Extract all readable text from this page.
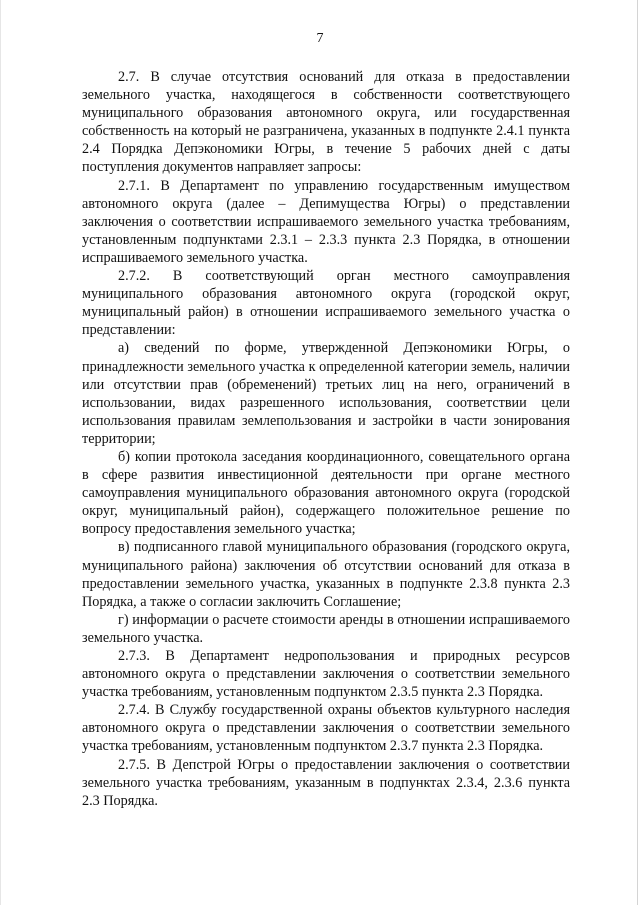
7

2.7. В случае отсутствия оснований для отказа в предоставлении земельного участка, находящегося в собственности соответствующего муниципального образования автономного округа, или государственная собственность на который не разграничена, указанных в подпункте 2.4.1 пункта 2.4 Порядка Депэкономики Югры, в течение 5 рабочих дней с даты поступления документов направляет запросы:

2.7.1. В Департамент по управлению государственным имуществом автономного округа (далее – Депимущества Югры) о представлении заключения о соответствии испрашиваемого земельного участка требованиям, установленным подпунктами 2.3.1 – 2.3.3 пункта 2.3 Порядка, в отношении испрашиваемого земельного участка.

2.7.2. В соответствующий орган местного самоуправления муниципального образования автономного округа (городской округ, муниципальный район) в отношении испрашиваемого земельного участка о представлении:

а) сведений по форме, утвержденной Депэкономики Югры, о принадлежности земельного участка к определенной категории земель, наличии или отсутствии прав (обременений) третьих лиц на него, ограничений в использовании, видах разрешенного использования, соответствии цели использования правилам землепользования и застройки в части зонирования территории;

б) копии протокола заседания координационного, совещательного органа в сфере развития инвестиционной деятельности при органе местного самоуправления муниципального образования автономного округа (городской округ, муниципальный район), содержащего положительное решение по вопросу предоставления земельного участка;

в) подписанного главой муниципального образования (городского округа, муниципального района) заключения об отсутствии оснований для отказа в предоставлении земельного участка, указанных в подпункте 2.3.8 пункта 2.3 Порядка, а также о согласии заключить Соглашение;

г) информации о расчете стоимости аренды в отношении испрашиваемого земельного участка.

2.7.3. В Департамент недропользования и природных ресурсов автономного округа о представлении заключения о соответствии земельного участка требованиям, установленным подпунктом 2.3.5 пункта 2.3 Порядка.

2.7.4. В Службу государственной охраны объектов культурного наследия автономного округа о представлении заключения о соответствии земельного участка требованиям, установленным подпунктом 2.3.7 пункта 2.3 Порядка.

2.7.5. В Депстрой Югры о предоставлении заключения о соответствии земельного участка требованиям, указанным в подпунктах 2.3.4, 2.3.6 пункта 2.3 Порядка.
